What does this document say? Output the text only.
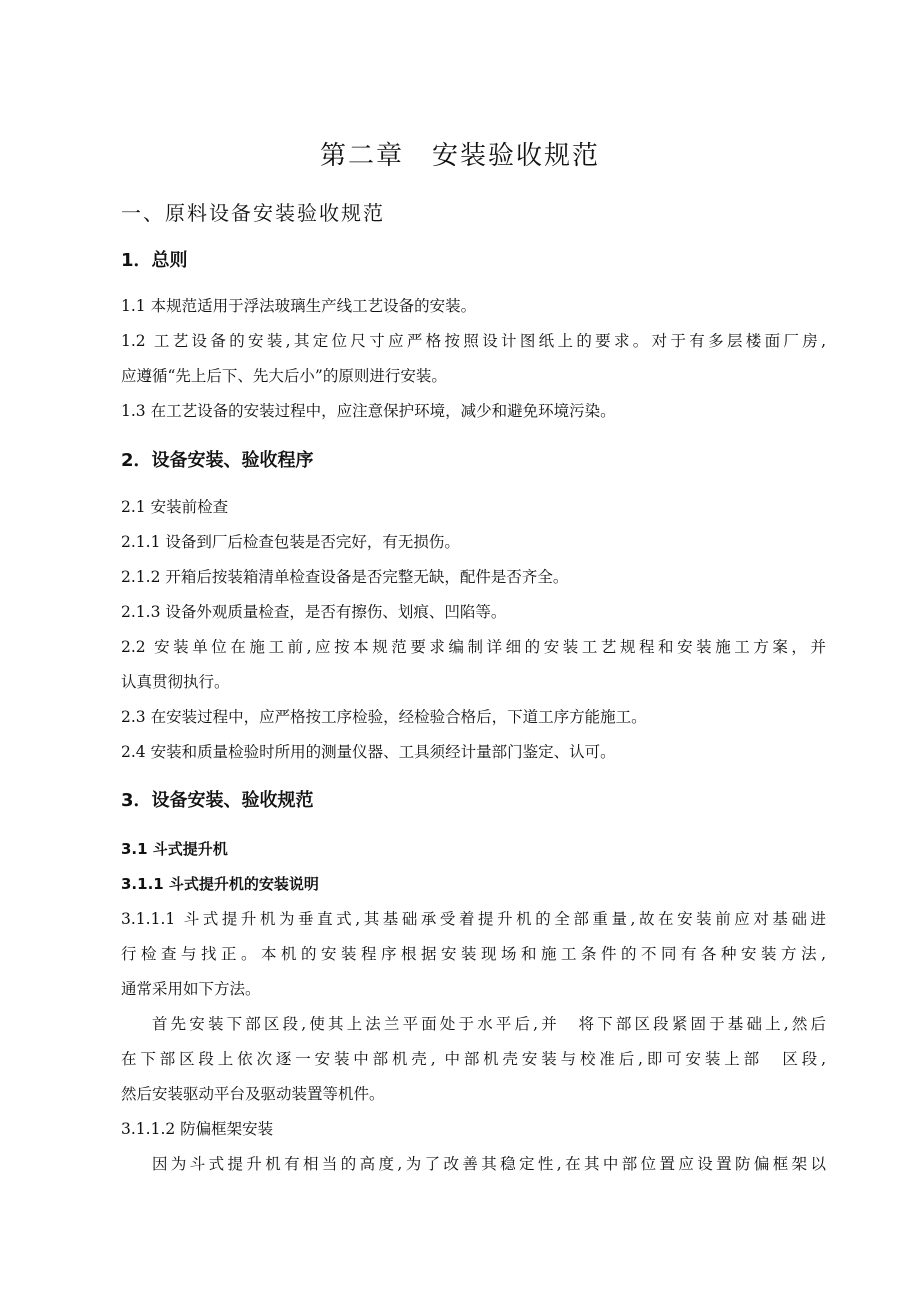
第二章 安装验收规范
一、原料设备安装验收规范
1．总则
1.1 本规范适用于浮法玻璃生产线工艺设备的安装。
1.2 工艺设备的安装,其定位尺寸应严格按照设计图纸上的要求。对于有多层楼面厂房,
应遵循“先上后下、先大后小”的原则进行安装。
1.3 在工艺设备的安装过程中，应注意保护环境，减少和避免环境污染。
2．设备安装、验收程序
2.1 安装前检查
2.1.1 设备到厂后检查包装是否完好，有无损伤。
2.1.2 开箱后按装箱清单检查设备是否完整无缺，配件是否齐全。
2.1.3 设备外观质量检查，是否有擦伤、划痕、凹陷等。
2.2 安装单位在施工前,应按本规范要求编制详细的安装工艺规程和安装施工方案，并
认真贯彻执行。
2.3 在安装过程中，应严格按工序检验，经检验合格后，下道工序方能施工。
2.4 安装和质量检验时所用的测量仪器、工具须经计量部门鉴定、认可。
3．设备安装、验收规范
3.1 斗式提升机
3.1.1 斗式提升机的安装说明
3.1.1.1 斗式提升机为垂直式,其基础承受着提升机的全部重量,故在安装前应对基础进
行检查与找正。本机的安装程序根据安装现场和施工条件的不同有各种安装方法,
通常采用如下方法。
首先安装下部区段,使其上法兰平面处于水平后,并　将下部区段紧固于基础上,然后
在下部区段上依次逐一安装中部机壳, 中部机壳安装与校准后,即可安装上部　区段,
然后安装驱动平台及驱动装置等机件。
3.1.1.2 防偏框架安装
因为斗式提升机有相当的高度,为了改善其稳定性,在其中部位置应设置防偏框架以
